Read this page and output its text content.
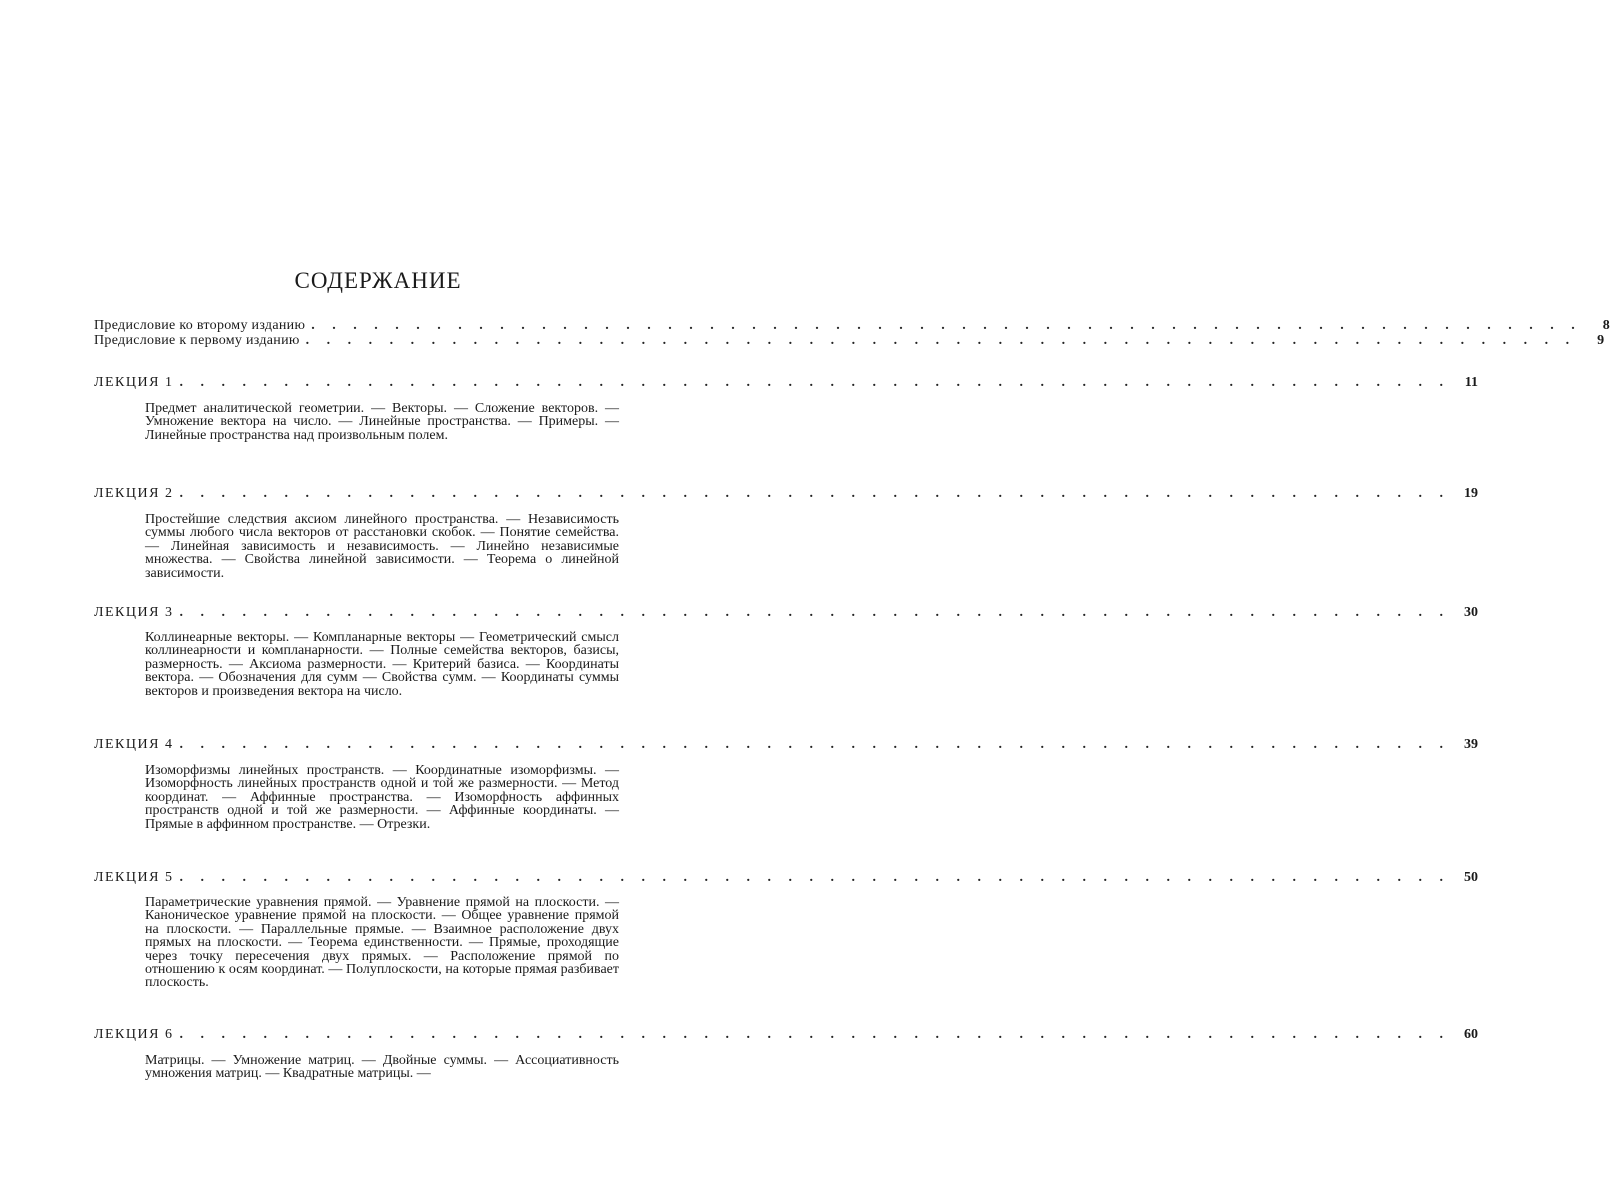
СОДЕРЖАНИЕ
Предисловие ко второму изданию . . . . . . . . . . . . . . . . . . . . . . . . . . . . . . . . . . . . . . . . . . . . . . . . . . . . . . . . . . . . .	8
Предисловие к первому изданию . . . . . . . . . . . . . . . . . . . . . . . . . . . . . . . . . . . . . . . . . . . . . . . . . . . . . . . . . . . . .	9
ЛЕКЦИЯ 1 . . . . . . . . . . . . . . . . . . . . . . . . . . . . . . . . . . . . . . . . . . . . . . . . . . . . . . . . . . . . .	11
Предмет аналитической геометрии. — Векторы. — Сложение векторов. — Умножение вектора на число. — Линейные пространства. — Примеры. — Линейные пространства над произвольным полем.
ЛЕКЦИЯ 2 . . . . . . . . . . . . . . . . . . . . . . . . . . . . . . . . . . . . . . . . . . . . . . . . . . . . . . . . . . . . .	19
Простейшие следствия аксиом линейного пространства. — Независимость суммы любого числа векторов от расстановки скобок. — Понятие семейства. — Линейная зависимость и независимость. — Линейно независимые множества. — Свойства линейной зависимости. — Теорема о линейной зависимости.
ЛЕКЦИЯ 3 . . . . . . . . . . . . . . . . . . . . . . . . . . . . . . . . . . . . . . . . . . . . . . . . . . . . . . . . . . . . .	30
Коллинеарные векторы. — Компланарные векторы — Геометрический смысл коллинеарности и компланарности. — Полные семейства векторов, базисы, размерность. — Аксиома размерности. — Критерий базиса. — Координаты вектора. — Обозначения для сумм — Свойства сумм. — Координаты суммы векторов и произведения вектора на число.
ЛЕКЦИЯ 4 . . . . . . . . . . . . . . . . . . . . . . . . . . . . . . . . . . . . . . . . . . . . . . . . . . . . . . . . . . . . .	39
Изоморфизмы линейных пространств. — Координатные изоморфизмы. — Изоморфность линейных пространств одной и той же размерности. — Метод координат. — Аффинные пространства. — Изоморфность аффинных пространств одной и той же размерности. — Аффинные координаты. — Прямые в аффинном пространстве. — Отрезки.
ЛЕКЦИЯ 5 . . . . . . . . . . . . . . . . . . . . . . . . . . . . . . . . . . . . . . . . . . . . . . . . . . . . . . . . . . . . .	50
Параметрические уравнения прямой. — Уравнение прямой на плоскости. — Каноническое уравнение прямой на плоскости. — Общее уравнение прямой на плоскости. — Параллельные прямые. — Взаимное расположение двух прямых на плоскости. — Теорема единственности. — Прямые, проходящие через точку пересечения двух прямых. — Расположение прямой по отношению к осям координат. — Полуплоскости, на которые прямая разбивает плоскость.
ЛЕКЦИЯ 6 . . . . . . . . . . . . . . . . . . . . . . . . . . . . . . . . . . . . . . . . . . . . . . . . . . . . . . . . . . . . .	60
Матрицы. — Умножение матриц. — Двойные суммы. — Ассоциативность умножения матриц. — Квадратные матрицы. —
